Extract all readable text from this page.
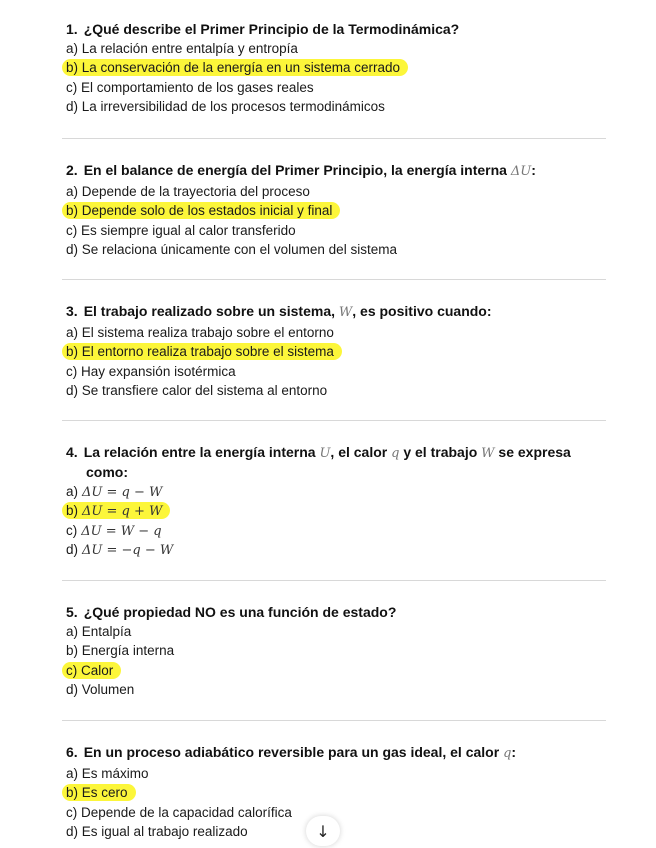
1. ¿Qué describe el Primer Principio de la Termodinámica?
a) La relación entre entalpía y entropía
b) La conservación de la energía en un sistema cerrado
c) El comportamiento de los gases reales
d) La irreversibilidad de los procesos termodinámicos
2. En el balance de energía del Primer Principio, la energía interna ΔU:
a) Depende de la trayectoria del proceso
b) Depende solo de los estados inicial y final
c) Es siempre igual al calor transferido
d) Se relaciona únicamente con el volumen del sistema
3. El trabajo realizado sobre un sistema, W, es positivo cuando:
a) El sistema realiza trabajo sobre el entorno
b) El entorno realiza trabajo sobre el sistema
c) Hay expansión isotérmica
d) Se transfiere calor del sistema al entorno
4. La relación entre la energía interna U, el calor q y el trabajo W se expresa
como:
a) ΔU = q − W
b) ΔU = q + W
c) ΔU = W − q
d) ΔU = −q − W
5. ¿Qué propiedad NO es una función de estado?
a) Entalpía
b) Energía interna
c) Calor
d) Volumen
6. En un proceso adiabático reversible para un gas ideal, el calor q:
a) Es máximo
b) Es cero
c) Depende de la capacidad calorífica
d) Es igual al trabajo realizado	↓
